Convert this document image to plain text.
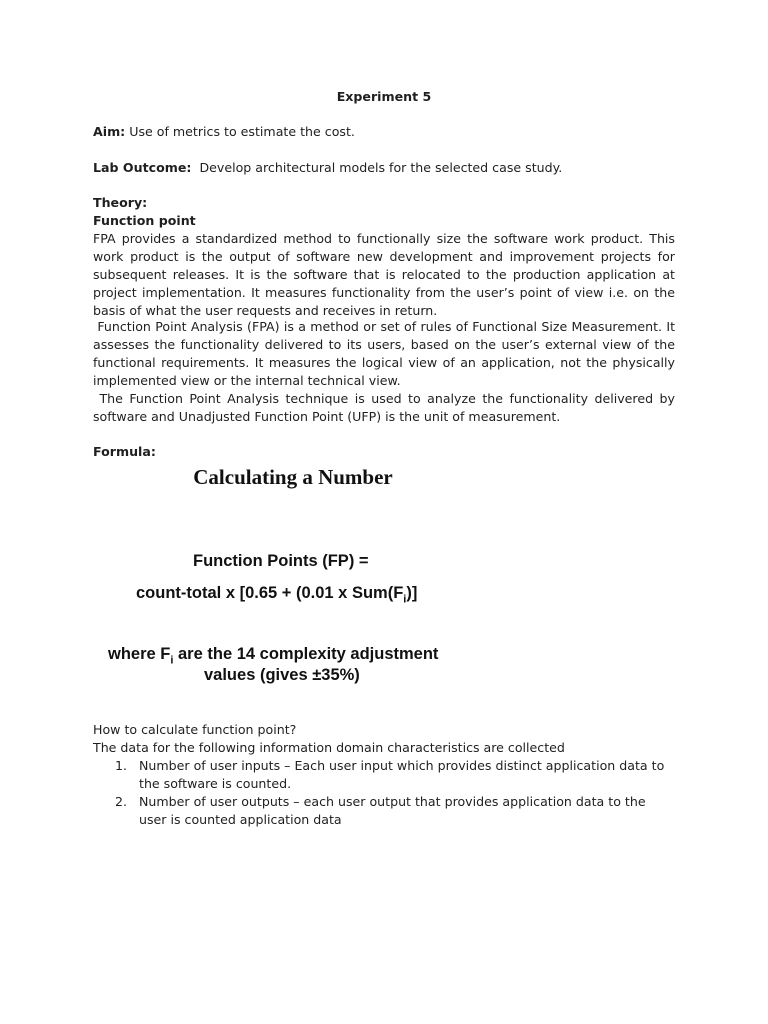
Experiment 5
Aim: Use of metrics to estimate the cost.
Lab Outcome:  Develop architectural models for the selected case study.
Theory:
Function point
FPA provides a standardized method to functionally size the software work product. This work product is the output of software new development and improvement projects for subsequent releases. It is the software that is relocated to the production application at project implementation. It measures functionality from the user’s point of view i.e. on the basis of what the user requests and receives in return.
Function Point Analysis (FPA) is a method or set of rules of Functional Size Measurement. It assesses the functionality delivered to its users, based on the user’s external view of the functional requirements. It measures the logical view of an application, not the physically implemented view or the internal technical view.
The Function Point Analysis technique is used to analyze the functionality delivered by software and Unadjusted Function Point (UFP) is the unit of measurement.
Formula:
Calculating a Number
Function Points (FP) =
count-total x [0.65 + (0.01 x $Sum(F_i)$]
where $F_i$ are the 14 complexity adjustment
values (gives ±35%)
How to calculate function point?
The data for the following information domain characteristics are collected
1. Number of user inputs – Each user input which provides distinct application data to the software is counted.
2. Number of user outputs – each user output that provides application data to the user is counted application data
